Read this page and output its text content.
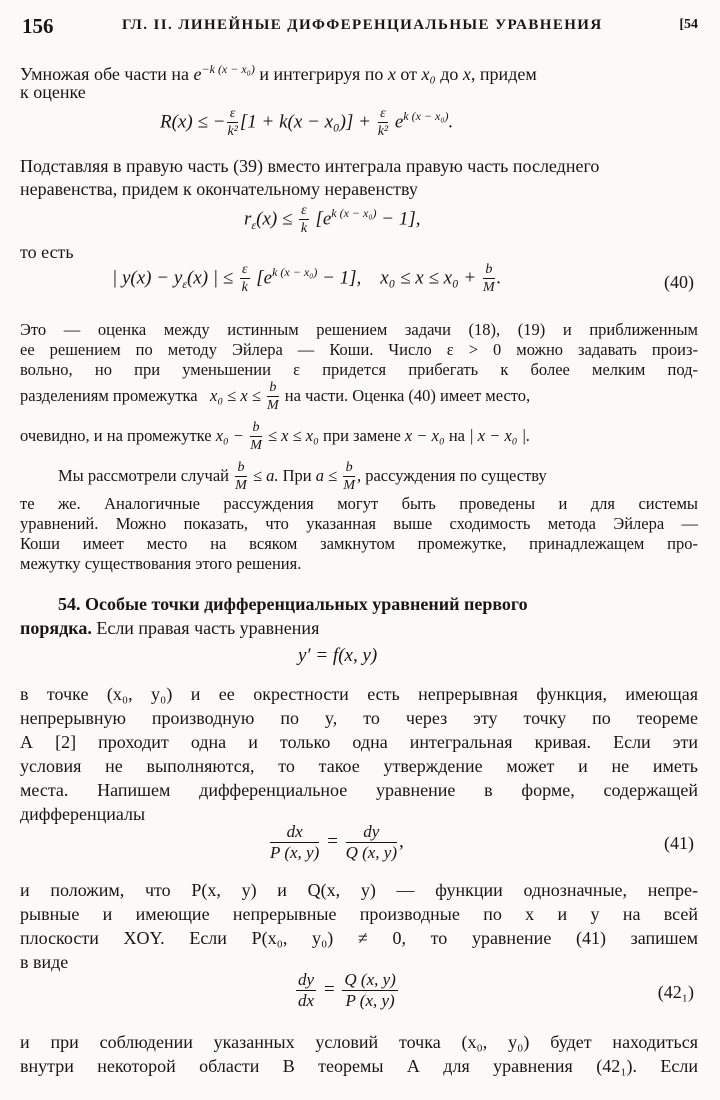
156	ГЛ. II. ЛИНЕЙНЫЕ ДИФФЕРЕНЦИАЛЬНЫЕ УРАВНЕНИЯ	[54
Умножая обе части на $e^{-k (x - x_0)}$ и интегрируя по x от x₀ до x, придем
к оценке
R(x) ≤ − $\frac{\varepsilon}{\text{k²}} [1 + k(x - x_0)] + \frac{\varepsilon}{\text{k²}} e^{k (x - x_0)}$.
Подставляя в правую часть (39) вместо интеграла правую часть последнего
неравенства, придем к окончательному неравенству
$r_\varepsilon(x) \le \frac{\varepsilon}{k} [e^{k (x - x_0)} - 1]$,
то есть
| $y(x) - y_\varepsilon(x)$ | ≤ $\frac{\varepsilon}{k} [e^{k (x - x_0)} - 1]$,    $x_0 \le x \le x_0 + \frac{b}{M}$ .	(40)
Это — оценка между истинным решением задачи (18), (19) и приближенным
ее решением по методу Эйлера — Коши. Число ε > 0 можно задавать произ-
вольно, но при уменьшении ε придется прибегать к более мелким под-
разделениям промежутка   $x_0 \le x \le \frac{b}{M}$ на части. Оценка (40) имеет место,
очевидно, и на промежутке $x_0 - \frac{b}{M} \le x \le x_0$ при замене x − x₀ на | x − x₀ |.
Мы рассмотрели случай $\frac{b}{M} \le a$. При $a \le \frac{b}{M}$ , рассуждения по существу
те же. Аналогичные рассуждения могут быть проведены и для системы
уравнений. Можно показать, что указанная выше сходимость метода Эйлера —
Коши имеет место на всяком замкнутом промежутке, принадлежащем про-
межутку существования этого решения.
54. Особые точки дифференциальных уравнений первого
порядка. Если правая часть уравнения
y′ = f(x, y)
в точке (x₀, y₀) и ее окрестности есть непрерывная функция, имеющая
непрерывную производную по y, то через эту точку по теореме
А [2] проходит одна и только одна интегральная кривая. Если эти
условия не выполняются, то такое утверждение может и не иметь
места. Напишем дифференциальное уравнение в форме, содержащей
дифференциалы
$\frac{dx}{P (x, y)} = \frac{dy}{Q (x, y)}$ ,	(41)
и положим, что P(x, y) и Q(x, y) — функции однозначные, непре-
рывные и имеющие непрерывные производные по x и y на всей
плоскости XOY. Если P(x₀, y₀) ≠ 0, то уравнение (41) запишем
в виде
$\frac{dy}{dx} = \frac{Q (x, y)}{P (x, y)}$	(42₁)
и при соблюдении указанных условий точка (x₀, y₀) будет находиться
внутри некоторой области B теоремы А для уравнения (42₁). Если
